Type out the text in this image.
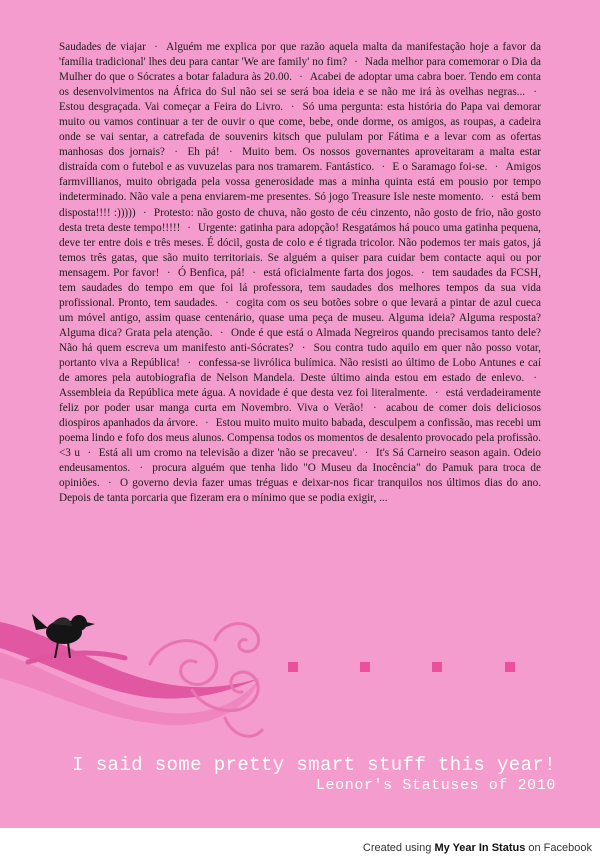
Saudades de viajar · Alguém me explica por que razão aquela malta da manifestação hoje a favor da 'família tradicional' lhes deu para cantar 'We are family' no fim? · Nada melhor para comemorar o Dia da Mulher do que o Sócrates a botar faladura às 20.00. · Acabei de adoptar uma cabra boer. Tendo em conta os desenvolvimentos na África do Sul não sei se será boa ideia e se não me irá às ovelhas negras... · Estou desgraçada. Vai começar a Feira do Livro. · Só uma pergunta: esta história do Papa vai demorar muito ou vamos continuar a ter de ouvir o que come, bebe, onde dorme, os amigos, as roupas, a cadeira onde se vai sentar, a catrefada de souvenirs kitsch que pululam por Fátima e a levar com as ofertas manhosas dos jornais? · Eh pá! · Muito bem. Os nossos governantes aproveitaram a malta estar distraída com o futebol e as vuvuzelas para nos tramarem. Fantástico. · E o Saramago foi-se. · Amigos farmvillianos, muito obrigada pela vossa generosidade mas a minha quinta está em pousio por tempo indeterminado. Não vale a pena enviarem-me presentes. Só jogo Treasure Isle neste momento. · está bem disposta!!!! :))))) · Protesto: não gosto de chuva, não gosto de céu cinzento, não gosto de frio, não gosto desta treta deste tempo!!!!! · Urgente: gatinha para adopção! Resgatámos há pouco uma gatinha pequena, deve ter entre dois e três meses. É dócil, gosta de colo e é tigrada tricolor. Não podemos ter mais gatos, já temos três gatas, que são muito territoriais. Se alguém a quiser para cuidar bem contacte aqui ou por mensagem. Por favor! · Ó Benfica, pá! · está oficialmente farta dos jogos. · tem saudades da FCSH, tem saudades do tempo em que foi lá professora, tem saudades dos melhores tempos da sua vida profissional. Pronto, tem saudades. · cogita com os seu botões sobre o que levará a pintar de azul cueca um móvel antigo, assim quase centenário, quase uma peça de museu. Alguma ideia? Alguma resposta? Alguma dica? Grata pela atenção. · Onde é que está o Almada Negreiros quando precisamos tanto dele? Não há quem escreva um manifesto anti-Sócrates? · Sou contra tudo aquilo em quer não posso votar, portanto viva a República! · confessa-se livrólica bulímica. Não resisti ao último de Lobo Antunes e caí de amores pela autobiografia de Nelson Mandela. Deste último ainda estou em estado de enlevo. · Assembleia da República mete água. A novidade é que desta vez foi literalmente. · está verdadeiramente feliz por poder usar manga curta em Novembro. Viva o Verão! · acabou de comer dois deliciosos diospiros apanhados da árvore. · Estou muito muito muito babada, desculpem a confissão, mas recebi um poema lindo e fofo dos meus alunos. Compensa todos os momentos de desalento provocado pela profissão. <3 u · Está ali um cromo na televisão a dizer 'não se precaveu'. · It's Sá Carneiro season again. Odeio endeusamentos. · procura alguém que tenha lido "O Museu da Inocência" do Pamuk para troca de opiniões. · O governo devia fazer umas tréguas e deixar-nos ficar tranquilos nos últimos dias do ano. Depois de tanta porcaria que fizeram era o mínimo que se podia exigir, ...
I said some pretty smart stuff this year!
Leonor's Statuses of 2010
Created using My Year In Status on Facebook
